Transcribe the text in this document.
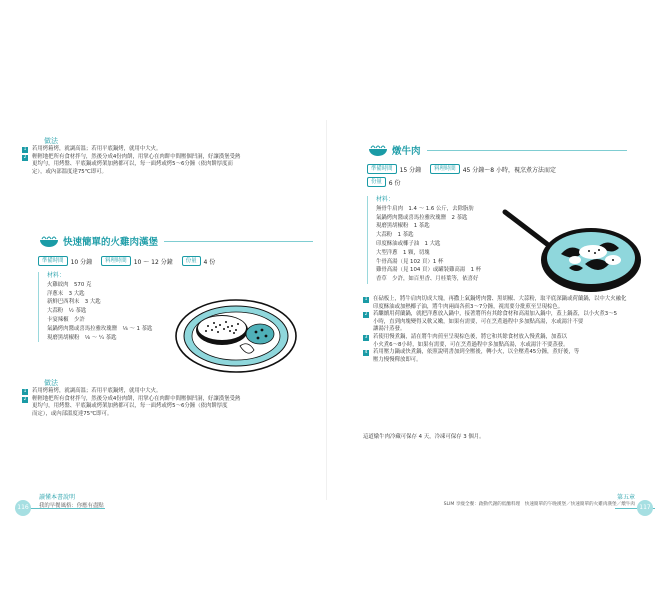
做法
1 若用烤箱烤，就調高溫；若用平底鍋烤，就用中大火。
2 輕輕地把所有食材拌勻，然後分成4份肉餅，用掌心在肉餅中間壓個凹洞，好讓漢堡受熱
更均勻，用烤盤、平底鍋或烤架加熱都可以，每一面烤或烤5～6分鐘（依肉餅厚度而
定），或內部溫度達75℃即可。
快速簡單的火雞肉漢堡
準備時間	10 分鐘	料理時間	10 ～ 12 分鐘	份量	4 份
材料：
火雞絞肉　570 克
洋蔥末　3 大匙
新鮮巴西利末　3 大匙
大蒜粉　½ 茶匙
卡宴辣椒　少許
氣鍋烤肉醬或喜馬拉雅玫瑰鹽　⅛ ～ 1 茶匙
現磨黑胡椒粉　⅛ ～ ¼ 茶匙
做法
1 若用烤箱烤，就調高溫；若用平底鍋烤，就用中大火。
2 輕輕地把所有食材拌勻，然後分成4份肉餅，用掌心在肉餅中間壓個凹洞，好讓漢堡受熱
更均勻，用烤盤、平底鍋或烤架加熱都可以，每一面烤或烤5～6分鐘（依肉餅厚度
而定），或內部溫度達75℃即可。
讀懂本書說明
我的早餐風格：你應有盡點
116
燉牛肉
準備時間	15 分鐘	料理時間	45 分鐘～8 小時，視烹煮方法而定
份量	6 份
材料：
無骨牛肩肉　1.4 ～ 1.6 公斤，去除脂肪
氣鍋烤肉醬或喜馬拉雅玫瑰鹽　2 茶匙
現磨黑胡椒粉　1 茶匙
大蒜粉　1 茶匙
印度酥油或椰子油　1 大匙
大型洋蔥　1 顆，切塊
牛骨高湯（見 102 頁）1 杯
雞骨高湯（見 104 頁）或罐裝雞高湯　1 杯
香草　少許，如百里香、月桂葉等，依喜好
1 在砧板上，將牛肩肉切成大塊，再撒上氣鍋烤肉醬、黑胡椒、大蒜粉，取平底深鍋或荷蘭鍋，以中大火融化
印度酥油或加熱椰子油，將牛肉兩面各煎3～7分鐘，視需要分批煎至呈現棕色。
2 若繼續用荷蘭鍋，就把洋蔥放入鍋中，接著將所有其餘食材和高湯加入鍋中，蓋上鍋蓋，以小火煮3～5
小時，直到肉塊變得又軟又嫩，如果有需要，可在烹煮過程中多加點高湯，水或湯汁不要
讓湯汁蒸發。
3 若使用慢煮鍋，請在將牛肉煎至呈現棕色後，將它和其餘食材放入慢煮鍋，加蓋以
小火煮6～8小時，如果有需要，可在烹煮過程中多加點高湯，水或湯汁不要蒸發。
4 若用壓力鍋或快煮鍋，依照說明書加到全壓後，轉小火，以全壓煮45分鐘，煮好後，等
壓力慢慢釋放即可。
這道燉牛肉冷藏可保存 4 天，冷凍可保存 3 個月。
第五章
SLIM 享瘦全餐：啟動代謝的低醣料理　快速簡單的午晚漢堡／快速簡單的火雞肉漢堡／燉牛肉 117
